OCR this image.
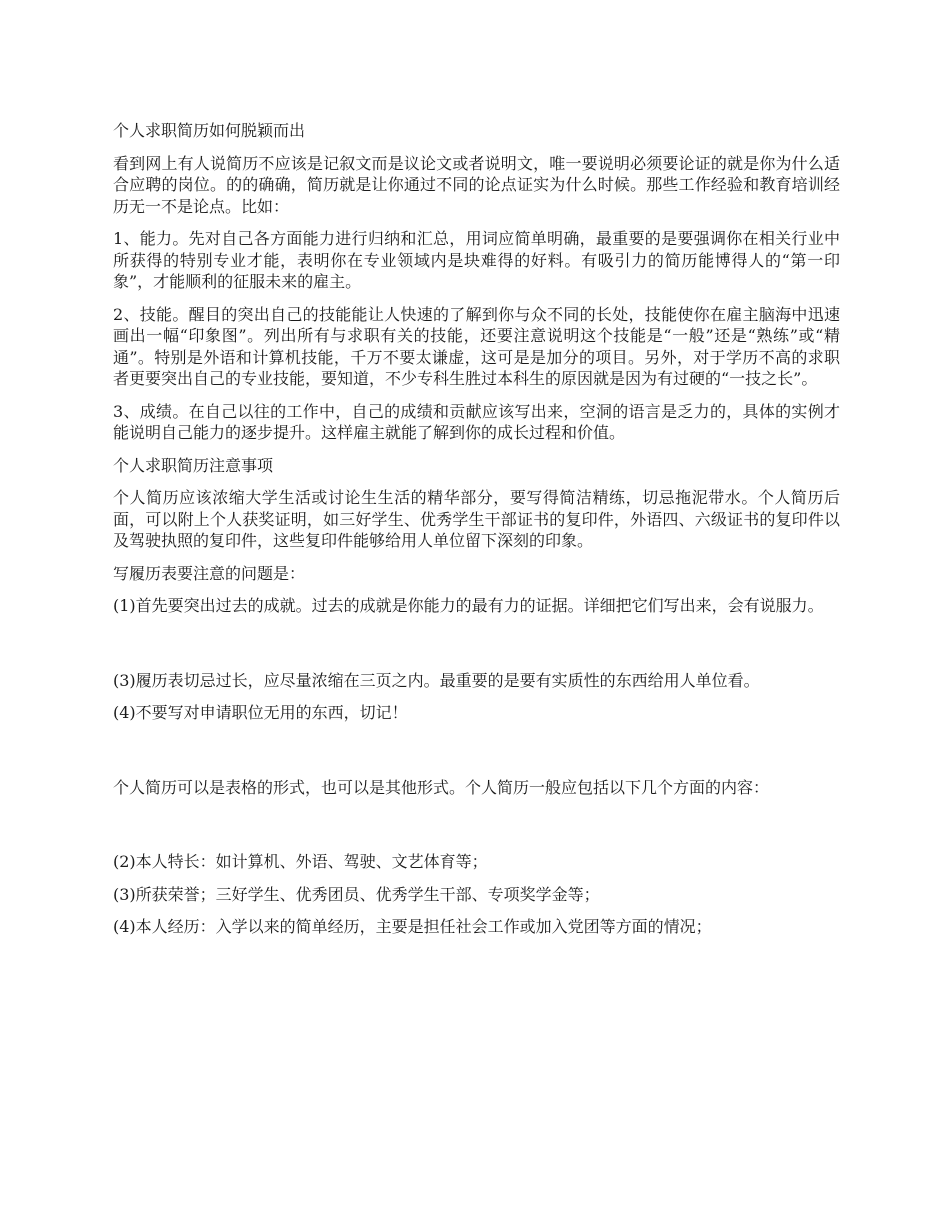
个人求职简历如何脱颖而出

看到网上有人说简历不应该是记叙文而是议论文或者说明文，唯一要说明必须要论证的就是你为什么适合应聘的岗位。的的确确，简历就是让你通过不同的论点证实为什么时候。那些工作经验和教育培训经历无一不是论点。比如：

1、能力。先对自己各方面能力进行归纳和汇总，用词应简单明确，最重要的是要强调你在相关行业中所获得的特别专业才能，表明你在专业领域内是块难得的好料。有吸引力的简历能博得人的“第一印象”，才能顺利的征服未来的雇主。

2、技能。醒目的突出自己的技能能让人快速的了解到你与众不同的长处，技能使你在雇主脑海中迅速画出一幅“印象图”。列出所有与求职有关的技能，还要注意说明这个技能是“一般”还是“熟练”或“精通”。特别是外语和计算机技能，千万不要太谦虚，这可是是加分的项目。另外，对于学历不高的求职者更要突出自己的专业技能，要知道，不少专科生胜过本科生的原因就是因为有过硬的“一技之长”。

3、成绩。在自己以往的工作中，自己的成绩和贡献应该写出来，空洞的语言是乏力的，具体的实例才能说明自己能力的逐步提升。这样雇主就能了解到你的成长过程和价值。

个人求职简历注意事项

个人简历应该浓缩大学生活或讨论生生活的精华部分，要写得简洁精练，切忌拖泥带水。个人简历后面，可以附上个人获奖证明，如三好学生、优秀学生干部证书的复印件，外语四、六级证书的复印件以及驾驶执照的复印件，这些复印件能够给用人单位留下深刻的印象。

写履历表要注意的问题是：

(1)首先要突出过去的成就。过去的成就是你能力的最有力的证据。详细把它们写出来，会有说服力。

(3)履历表切忌过长，应尽量浓缩在三页之内。最重要的是要有实质性的东西给用人单位看。

(4)不要写对申请职位无用的东西，切记！

个人简历可以是表格的形式，也可以是其他形式。个人简历一般应包括以下几个方面的内容：

(2)本人特长：如计算机、外语、驾驶、文艺体育等；

(3)所获荣誉；三好学生、优秀团员、优秀学生干部、专项奖学金等；

(4)本人经历：入学以来的简单经历，主要是担任社会工作或加入党团等方面的情况；
